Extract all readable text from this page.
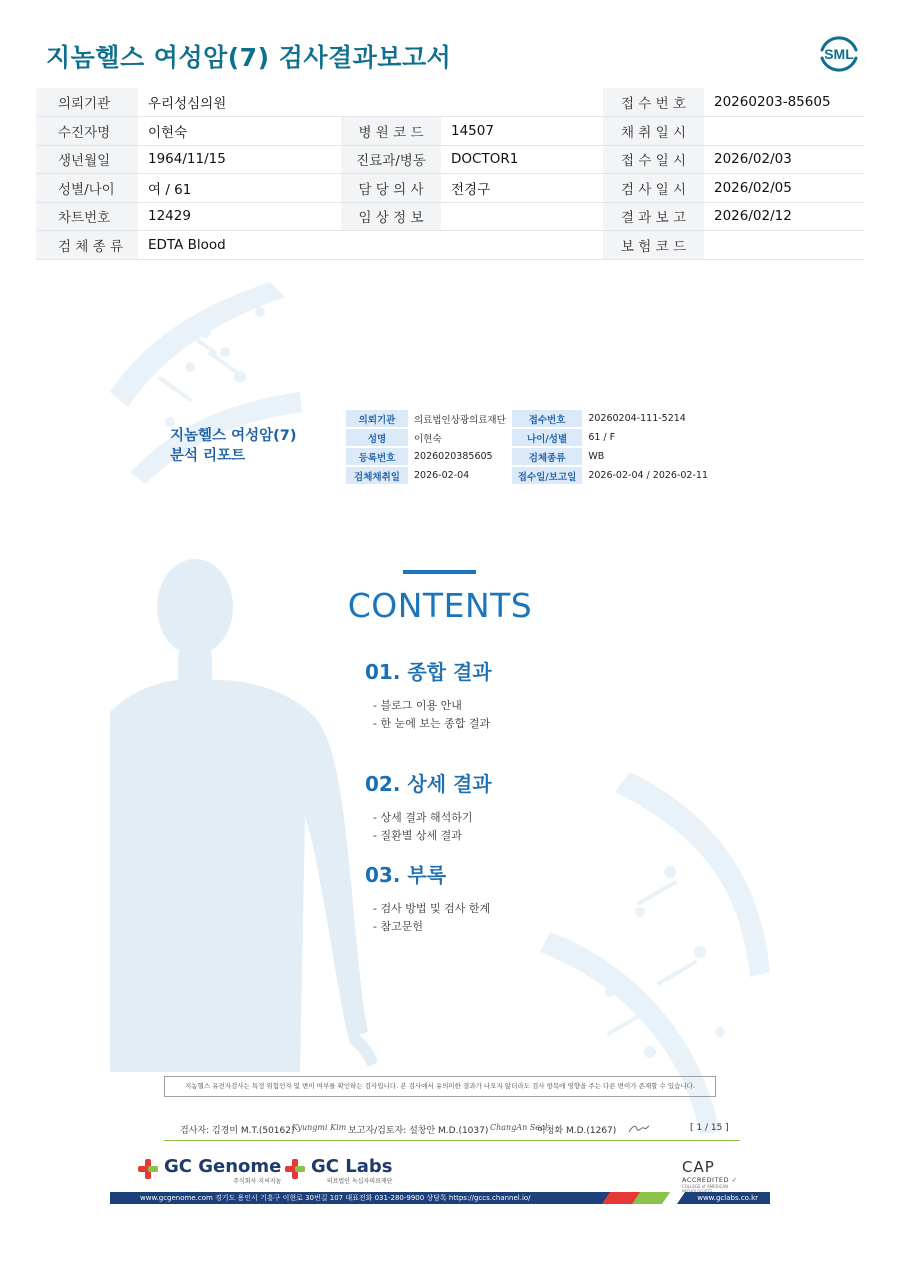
지놈헬스 여성암(7) 검사결과보고서	SML
의뢰기관	우리성심의원			접 수 번 호	20260203-85605
수진자명	이현숙	병 원 코 드	14507	채 취 일 시	
생년월일	1964/11/15	진료과/병동	DOCTOR1	접 수 일 시	2026/02/03
성별/나이	여 / 61	담 당 의 사	전경구	검 사 일 시	2026/02/05
차트번호	12429	임 상 정 보		결 과 보 고	2026/02/12
검 체 종 류	EDTA Blood			보 험 코 드	
지놈헬스 여성암(7)
분석 리포트
의뢰기관	의료법인상광의료재단	접수번호	20260204-111-5214
성명	이현숙	나이/성별	61 / F
등록번호	2026020385605	검체종류	WB
검체채취일	2026-02-04	접수일/보고일	2026-02-04 / 2026-02-11
CONTENTS
01. 종합 결과
- 블로그 이용 안내
- 한 눈에 보는 종합 결과
02. 상세 결과
- 상세 결과 해석하기
- 질환별 상세 결과
03. 부록
- 검사 방법 및 검사 한계
- 참고문헌
지놈헬스 유전자검사는 특정 위험인자 및 변이 여부를 확인하는 검사입니다. 본 검사에서 유의미한 결과가 나오지 않더라도 검사 항목에 영향을 주는 다른 변이가 존재할 수 있습니다.
검사자: 김경미 M.T.(50162)
Kyungmi Kim 보고자/검토자: 설창안 M.D.(1037) ChangAn Seol
이청화 M.D.(1267)	[ 1 / 15 ]
GC Genome
주식회사 지씨지놈
GC Labs
의료법인 녹십자의료재단
CAP
ACCREDITED ✓
COLLEGE of AMERICAN
www.gcgenome.com 경기도 용인시 기흥구 이현로 30번길 107 대표전화 031-280-9900 상담톡 https://gccs.channel.io/	www.gclabs.co.kr
